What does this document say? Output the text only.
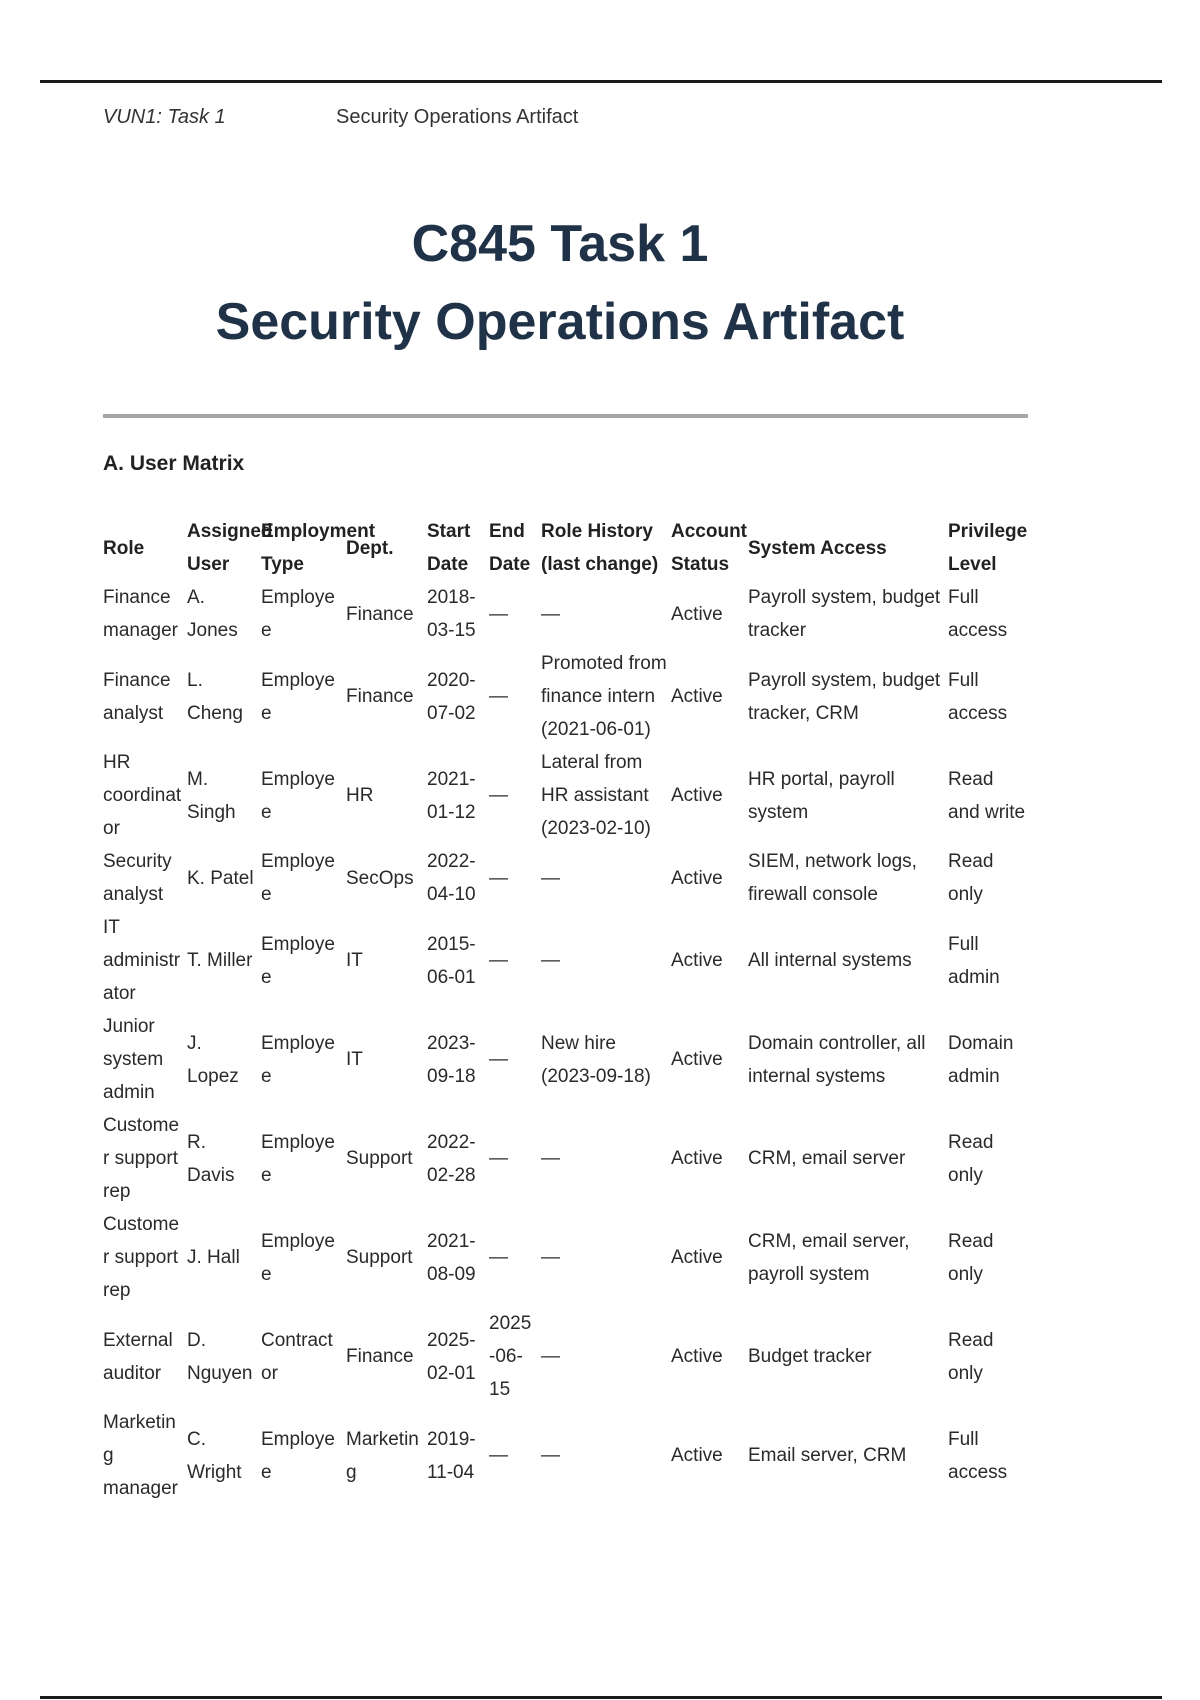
VUN1: Task 1	Security Operations Artifact
C845 Task 1
Security Operations Artifact
A. User Matrix
Role	Assigned User	Employment Type	Dept.	Start Date	End Date	Role History (last change)	Account Status	System Access	Privilege Level
Finance manager	A. Jones	Employee	Finance	2018-03-15	—	—	Active	Payroll system, budget tracker	Full access
Finance analyst	L. Cheng	Employee	Finance	2020-07-02	—	Promoted from finance intern (2021-06-01)	Active	Payroll system, budget tracker, CRM	Full access
HR coordinator	M. Singh	Employee	HR	2021-01-12	—	Lateral from HR assistant (2023-02-10)	Active	HR portal, payroll system	Read and write
Security analyst	K. Patel	Employee	SecOps	2022-04-10	—	—	Active	SIEM, network logs, firewall console	Read only
IT administrator	T. Miller	Employee	IT	2015-06-01	—	—	Active	All internal systems	Full admin
Junior system admin	J. Lopez	Employee	IT	2023-09-18	—	New hire (2023-09-18)	Active	Domain controller, all internal systems	Domain admin
Customer support rep	R. Davis	Employee	Support	2022-02-28	—	—	Active	CRM, email server	Read only
Customer support rep	J. Hall	Employee	Support	2021-08-09	—	—	Active	CRM, email server, payroll system	Read only
External auditor	D. Nguyen	Contractor	Finance	2025-02-01	2025-06-15	—	Active	Budget tracker	Read only
Marketing manager	C. Wright	Employee	Marketing	2019-11-04	—	—	Active	Email server, CRM	Full access
